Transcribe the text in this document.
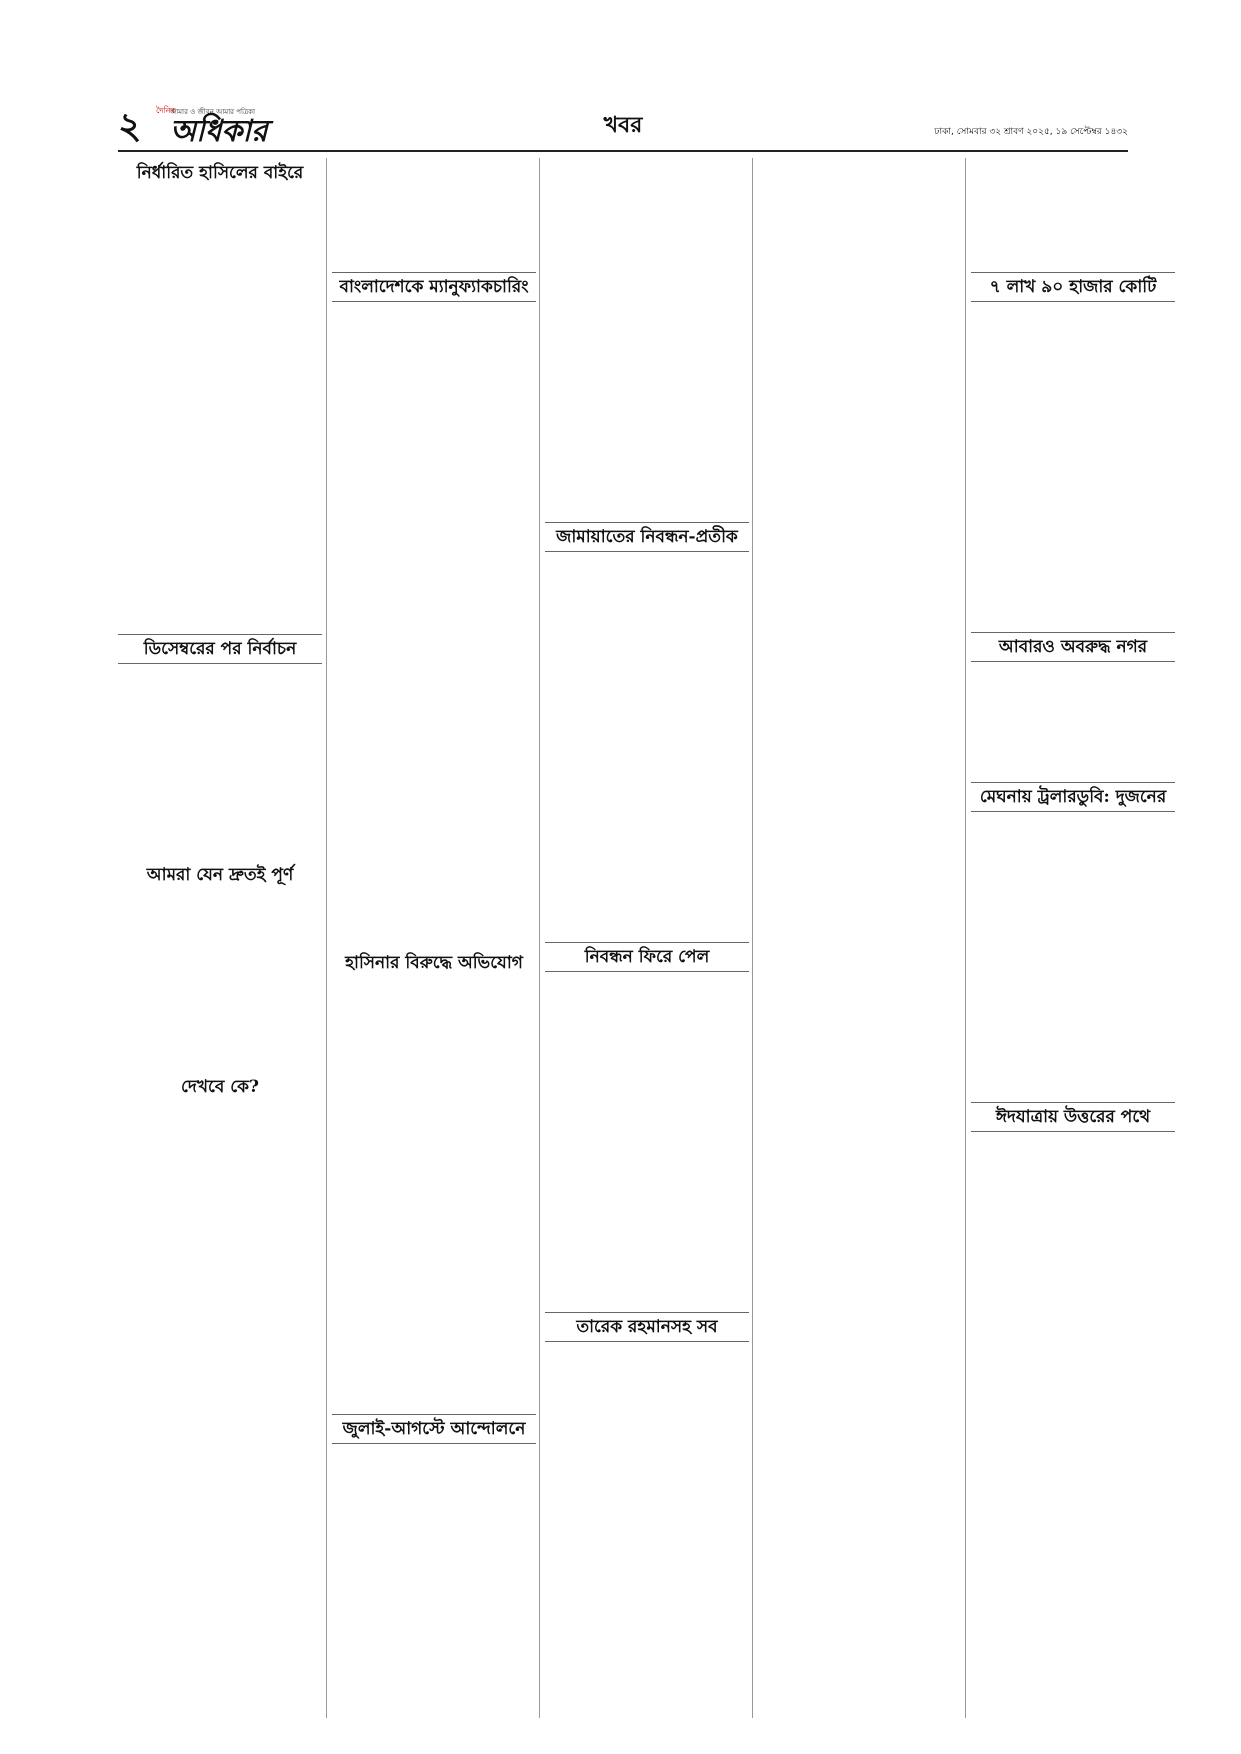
২ দৈনিক
আমার ও জীবন আমার পত্রিকা
অধিকার	খবর	ঢাকা, সোমবার ৩২ শ্রাবণ ২০২৫, ১৯ সেপ্টেম্বর ১৪৩২
নির্ধারিত হাসিলের বাইরে
ডিসেম্বরের পর নির্বাচন
আমরা যেন দ্রুতই পূর্ণ
দেখবে কে?
বাংলাদেশকে ম্যানুফ্যাকচারিং
হাসিনার বিরুদ্ধে অভিযোগ
জুলাই-আগস্টে আন্দোলনে
জামায়াতের নিবন্ধন-প্রতীক
নিবন্ধন ফিরে পেল
তারেক রহমানসহ সব
৭ লাখ ৯০ হাজার কোটি
আবারও অবরুদ্ধ নগর
মেঘনায় ট্রলারডুবি: দুজনের
ঈদযাত্রায় উত্তরের পথে
